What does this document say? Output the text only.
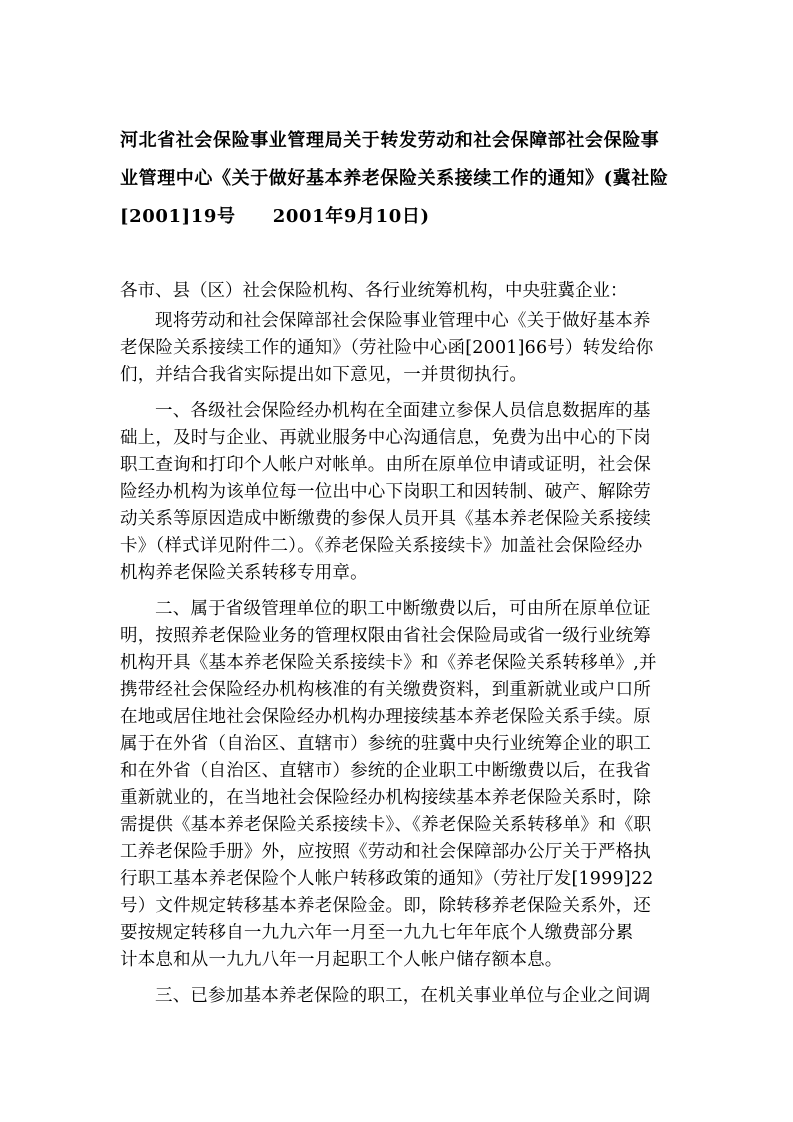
河北省社会保险事业管理局关于转发劳动和社会保障部社会保险事
业管理中心《关于做好基本养老保险关系接续工作的通知》(冀社险
[2001]19号　　2001年9月10日)
各市、县（区）社会保险机构、各行业统筹机构，中央驻冀企业：
现将劳动和社会保障部社会保险事业管理中心《关于做好基本养
老保险关系接续工作的通知》（劳社险中心函[2001]66号）转发给你
们，并结合我省实际提出如下意见，一并贯彻执行。
一、各级社会保险经办机构在全面建立参保人员信息数据库的基
础上，及时与企业、再就业服务中心沟通信息，免费为出中心的下岗
职工查询和打印个人帐户对帐单。由所在原单位申请或证明，社会保
险经办机构为该单位每一位出中心下岗职工和因转制、破产、解除劳
动关系等原因造成中断缴费的参保人员开具《基本养老保险关系接续
卡》（样式详见附件二）。《养老保险关系接续卡》加盖社会保险经办
机构养老保险关系转移专用章。
二、属于省级管理单位的职工中断缴费以后，可由所在原单位证
明，按照养老保险业务的管理权限由省社会保险局或省一级行业统筹
机构开具《基本养老保险关系接续卡》和《养老保险关系转移单》,并
携带经社会保险经办机构核准的有关缴费资料，到重新就业或户口所
在地或居住地社会保险经办机构办理接续基本养老保险关系手续。原
属于在外省（自治区、直辖市）参统的驻冀中央行业统筹企业的职工
和在外省（自治区、直辖市）参统的企业职工中断缴费以后，在我省
重新就业的，在当地社会保险经办机构接续基本养老保险关系时，除
需提供《基本养老保险关系接续卡》、《养老保险关系转移单》和《职
工养老保险手册》外，应按照《劳动和社会保障部办公厅关于严格执
行职工基本养老保险个人帐户转移政策的通知》（劳社厅发[1999]22
号）文件规定转移基本养老保险金。即，除转移养老保险关系外，还
要按规定转移自一九九六年一月至一九九七年年底个人缴费部分累
计本息和从一九九八年一月起职工个人帐户储存额本息。
三、已参加基本养老保险的职工，在机关事业单位与企业之间调
